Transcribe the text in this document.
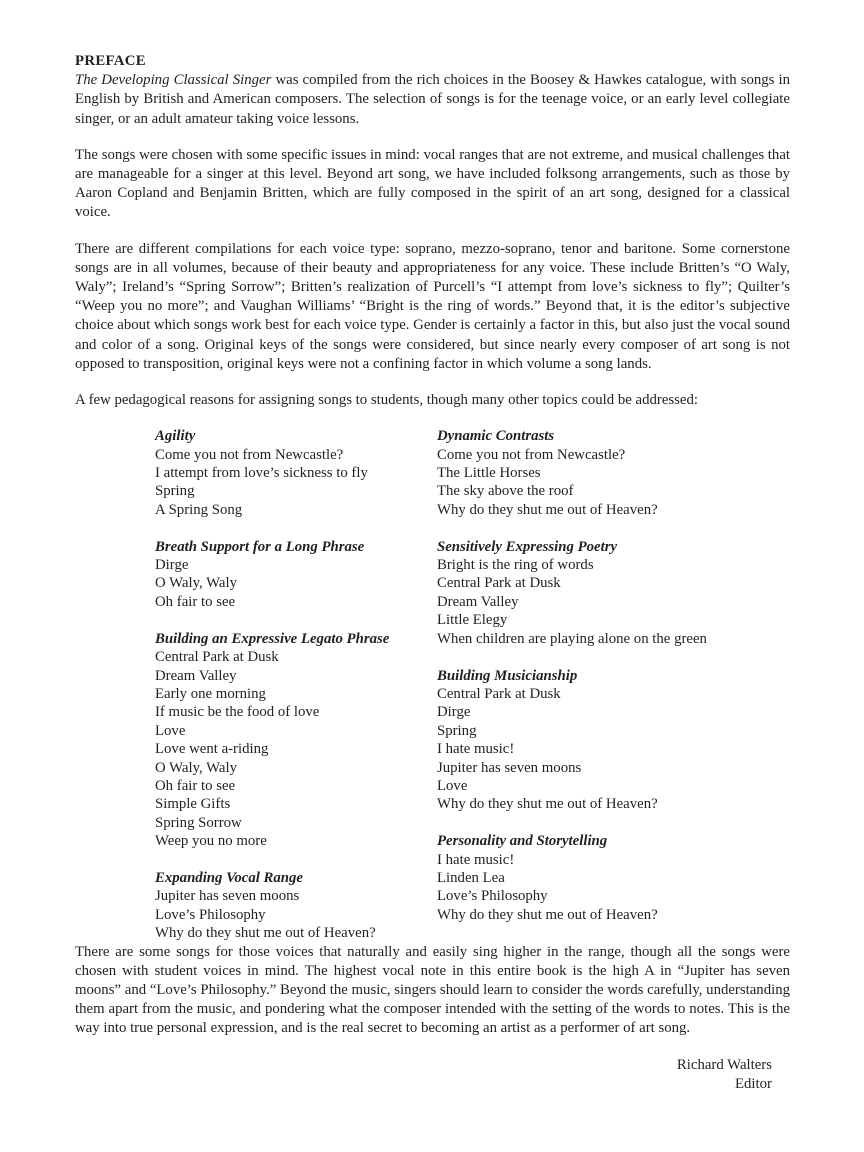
PREFACE

The Developing Classical Singer was compiled from the rich choices in the Boosey & Hawkes catalogue, with songs in English by British and American composers. The selection of songs is for the teenage voice, or an early level collegiate singer, or an adult amateur taking voice lessons.

The songs were chosen with some specific issues in mind: vocal ranges that are not extreme, and musical challenges that are manageable for a singer at this level. Beyond art song, we have included folksong arrangements, such as those by Aaron Copland and Benjamin Britten, which are fully composed in the spirit of an art song, designed for a classical voice.

There are different compilations for each voice type: soprano, mezzo-soprano, tenor and baritone. Some cornerstone songs are in all volumes, because of their beauty and appropriateness for any voice. These include Britten’s “O Waly, Waly”; Ireland’s “Spring Sorrow”; Britten’s realization of Purcell’s “I attempt from love’s sickness to fly”; Quilter’s “Weep you no more”; and Vaughan Williams’ “Bright is the ring of words.” Beyond that, it is the editor’s subjective choice about which songs work best for each voice type. Gender is certainly a factor in this, but also just the vocal sound and color of a song. Original keys of the songs were considered, but since nearly every composer of art song is not opposed to transposition, original keys were not a confining factor in which volume a song lands.

A few pedagogical reasons for assigning songs to students, though many other topics could be addressed:

Agility
Come you not from Newcastle?
I attempt from love’s sickness to fly
Spring
A Spring Song
Breath Support for a Long Phrase
Dirge
O Waly, Waly
Oh fair to see
Building an Expressive Legato Phrase
Central Park at Dusk
Dream Valley
Early one morning
If music be the food of love
Love
Love went a-riding
O Waly, Waly
Oh fair to see
Simple Gifts
Spring Sorrow
Weep you no more
Expanding Vocal Range
Jupiter has seven moons
Love’s Philosophy
Why do they shut me out of Heaven?
Dynamic Contrasts
Come you not from Newcastle?
The Little Horses
The sky above the roof
Why do they shut me out of Heaven?
Sensitively Expressing Poetry
Bright is the ring of words
Central Park at Dusk
Dream Valley
Little Elegy
When children are playing alone on the green
Building Musicianship
Central Park at Dusk
Dirge
Spring
I hate music!
Jupiter has seven moons
Love
Why do they shut me out of Heaven?
Personality and Storytelling
I hate music!
Linden Lea
Love’s Philosophy
Why do they shut me out of Heaven?

There are some songs for those voices that naturally and easily sing higher in the range, though all the songs were chosen with student voices in mind. The highest vocal note in this entire book is the high A in “Jupiter has seven moons” and “Love’s Philosophy.” Beyond the music, singers should learn to consider the words carefully, understanding them apart from the music, and pondering what the composer intended with the setting of the words to notes. This is the way into true personal expression, and is the real secret to becoming an artist as a performer of art song.

Richard Walters
Editor
